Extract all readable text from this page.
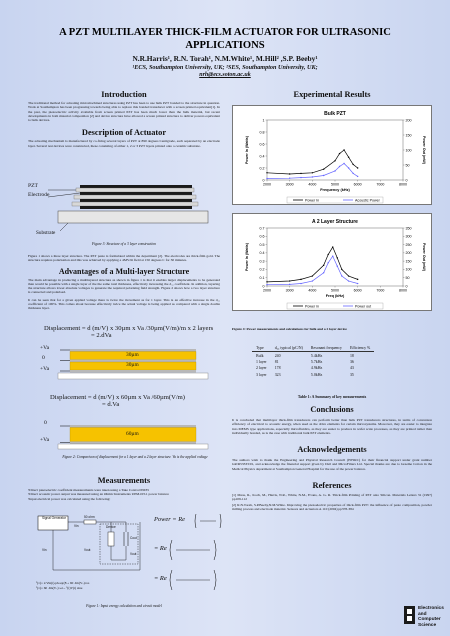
A PZT MULTILAYER THICK-FILM ACTUATOR FOR ULTRASONIC
APPLICATIONS
N.R.Harris¹, R.N. Torah¹, N.M.White¹, M.Hill² ,S.P. Beeby¹
¹ECS, Southampton University, UK; ²SES, Southampton University, UK;
nrh@ecs.soton.ac.uk
Introduction
The traditional method for actuating micromachined structures using PZT has been to use bulk PZT bonded to the structure in question. Work at Southampton has been progressing towards being able to replace this bonded transducer with a screen printed equivalent[1]. In the past, the piezoelectric activity available from screen printed PZT has been much lower than the bulk material, but recent developments in both material composition [2] and device structure have allowed a screen printed structure to deliver powers equivalent to bulk devices.
Description of Actuator
The actuating mechanism is manufactured by co-firing several layers of PZT at 890 degrees Centigrade, each separated by an electrode layer. Several test devices were constructed, these consisting of either 1, 2 or 3 PZT layers printed onto a ceramic substrate.
PZT
Electrode
Substrate
Figure 3: Structure of a 3 layer construction
Figure 1 shows a three layer structure. The PZT paste is formulated within the department [2]. The electrodes are thick-film gold. The structure requires polarisation and this was achieved by applying a 4MV/m field at 150 degrees C for 30 minutes.
Advantages of a Multi-layer Structure
The main advantage in producing a multilayered structure as shown in figure 1 is that it enables larger displacements to be generated than would be possible with a single layer of the the same total thickness, effectively increasing the d₃₃ coefficient. In addition, layering the structure allows lower absolute voltages to generate the required polarising field strength. Figure 2 shows how a two layer structure is connected and polarised.
It can be seen that for a given applied voltage there is twice the movement as for 1 layer. This is an effective increase in the d₃₃ coefficient of 100%. This comes about because effectively twice the actual voltage is being applied as compared with a single double thickness layer.
Displacement = d (m/V) x 30µm x Va /30µm(V/m)/m x 2 layers
= 2.dVa
+Va
0
+Va
30µm
30µm
Displacement = d (m/V) x 60µm x Va /60µm(V/m)
= d.Va
0
+Va
60µm
Figure 2: Comparison of displacement for a 1 layer and a 2 layer structure. Va is the applied voltage
Measurements
•Direct piezoelectric coefficient measurements were taken using a Take Control PM35
•Direct acoustic power output was measured using an Ohmic Instruments UPM-DT-1 power balance
•Input electrical power was calculated using the following:
Signal Generator
Vin
50 ohm
Device
Cout
Vout
Vin	Vout
²(1)= 2.Vin(t).ph.sqr(8 ÷ 60 .Im(V..)cos
²(1)= 60 .Im(V..)·ωt... ²(t)V(t) sine
Power = Re
= Re
= Re
Figure 1: Input energy calculation and circuit model
Experimental Results
Bulk PZT
0
0.2
0.4
0.6
0.8
1
0
50
100
150
200
2000	3000	4000	5000	6000	7000	8000
Frequency (kHz)
Power In (Watts)	Power Out (mW)
Power In	Acoustic Power
A 2 Layer Structure
0
0.1
0.2
0.3
0.4
0.5
0.6
0.7
0
50
100
150
200
250
300
350
2000	3000	4000	5000	6000	7000	8000
Freq (kHz)
Power In (Watts)	Power Out (mW)
Power in	Power out
Figure 4: Power measurements and calculations for bulk and a 2 layer device
Type	d₃₃ typical (pC/N)	Resonant frequency	Efficiency %
Bulk	240	5.4kHz	18
1 layer	81	5.7kHz	36
2 layer	178	4.9kHz	43
3 layer	323	5.0kHz	35
Table 1: A Summary of key measurements
Conclusions
It is concluded that multilayer thick-film transducers can perform better than bulk PZT transducers structures, in terms of conversion efficiency of electrical to acoustic energy, when used as the drive elements for certain microsystems. Moreover, they are easier to integrate into MEMS type applications, especially microfluidics, as they are easier to produce in wafer scale processes, as they are printed rather than individually bonded, as is the case with traditional bulk PZT elements.
Acknowledgements
The authors wish to thank the Engineering and Physical Research Council (EPSRC) for their financial support under grant number GR/R53333/01, and acknowledge the financial support given by Dstl and MicroFilters Ltd. Special thanks are due to Graeme Cotton in the Medical Physics department at Southampton General Hospital for the use of the power balance.
References
[1] Maas, R., Koch, M., Harris, N.R., White, N.M., Evans, A. G. R. Thick-film Printing of PZT onto Silicon. Materials Letters 31 (1997) pp109-112
[2] R.N.Torah, S.P.Beeby,N.M.White. Improving the piezoelectric properties of thick-film PZT: the influence of paste composition, powder milling process and electrode material. Sensors and Actuators A 110 (2004) pp378-384
Electronics and
Computer Science
